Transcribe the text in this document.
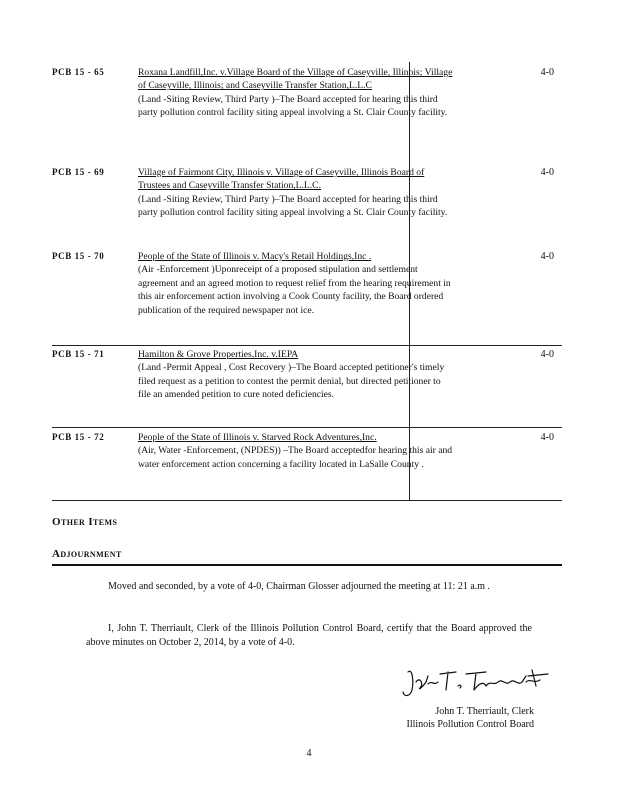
PCB 15 - 65	Roxana Landfill,Inc. v.Village Board of the Village of Caseyville, Illinois; Village of Caseyville, Illinois; and Caseyville Transfer Station,L.L.C
(Land -Siting Review, Third Party )–The Board accepted for hearing this third party pollution control facility siting appeal involving a St. Clair County facility.
4-0
PCB 15 - 69	Village of Fairmont City, Illinois v. Village of Caseyville, Illinois Board of Trustees and Caseyville Transfer Station,L.L.C.
(Land -Siting Review, Third Party )–The Board accepted for hearing this third party pollution control facility siting appeal involving a St. Clair County facility.
4-0
PCB 15 - 70	People of the State of Illinois v. Macy's Retail Holdings,Inc .
(Air -Enforcement )Uponreceipt of a proposed stipulation and settlement agreement and an agreed motion to request relief from the hearing requirement in this air enforcement action involving a Cook County facility, the Board ordered publication of the required newspaper not ice.
4-0
PCB 15 - 71	Hamilton & Grove Properties,Inc. v.IEPA
(Land -Permit Appeal , Cost Recovery )–The Board accepted petitioner's timely filed request as a petition to contest the permit denial, but directed petitioner to file an amended petition to cure noted deficiencies.
4-0
PCB 15 - 72	People of the State of Illinois v. Starved Rock Adventures,Inc.
(Air, Water -Enforcement, (NPDES)) –The Board acceptedfor hearing this air and water enforcement action concerning a facility located in LaSalle County .
4-0
Other Items
Adjournment
Moved and seconded, by a vote of 4-0, Chairman Glosser adjourned the meeting at 11: 21 a.m .
I, John T. Therriault, Clerk of the Illinois Pollution Control Board, certify that the Board approved the above minutes on October 2, 2014, by a vote of 4-0.
John T. Therriault, Clerk
Illinois Pollution Control Board
4
